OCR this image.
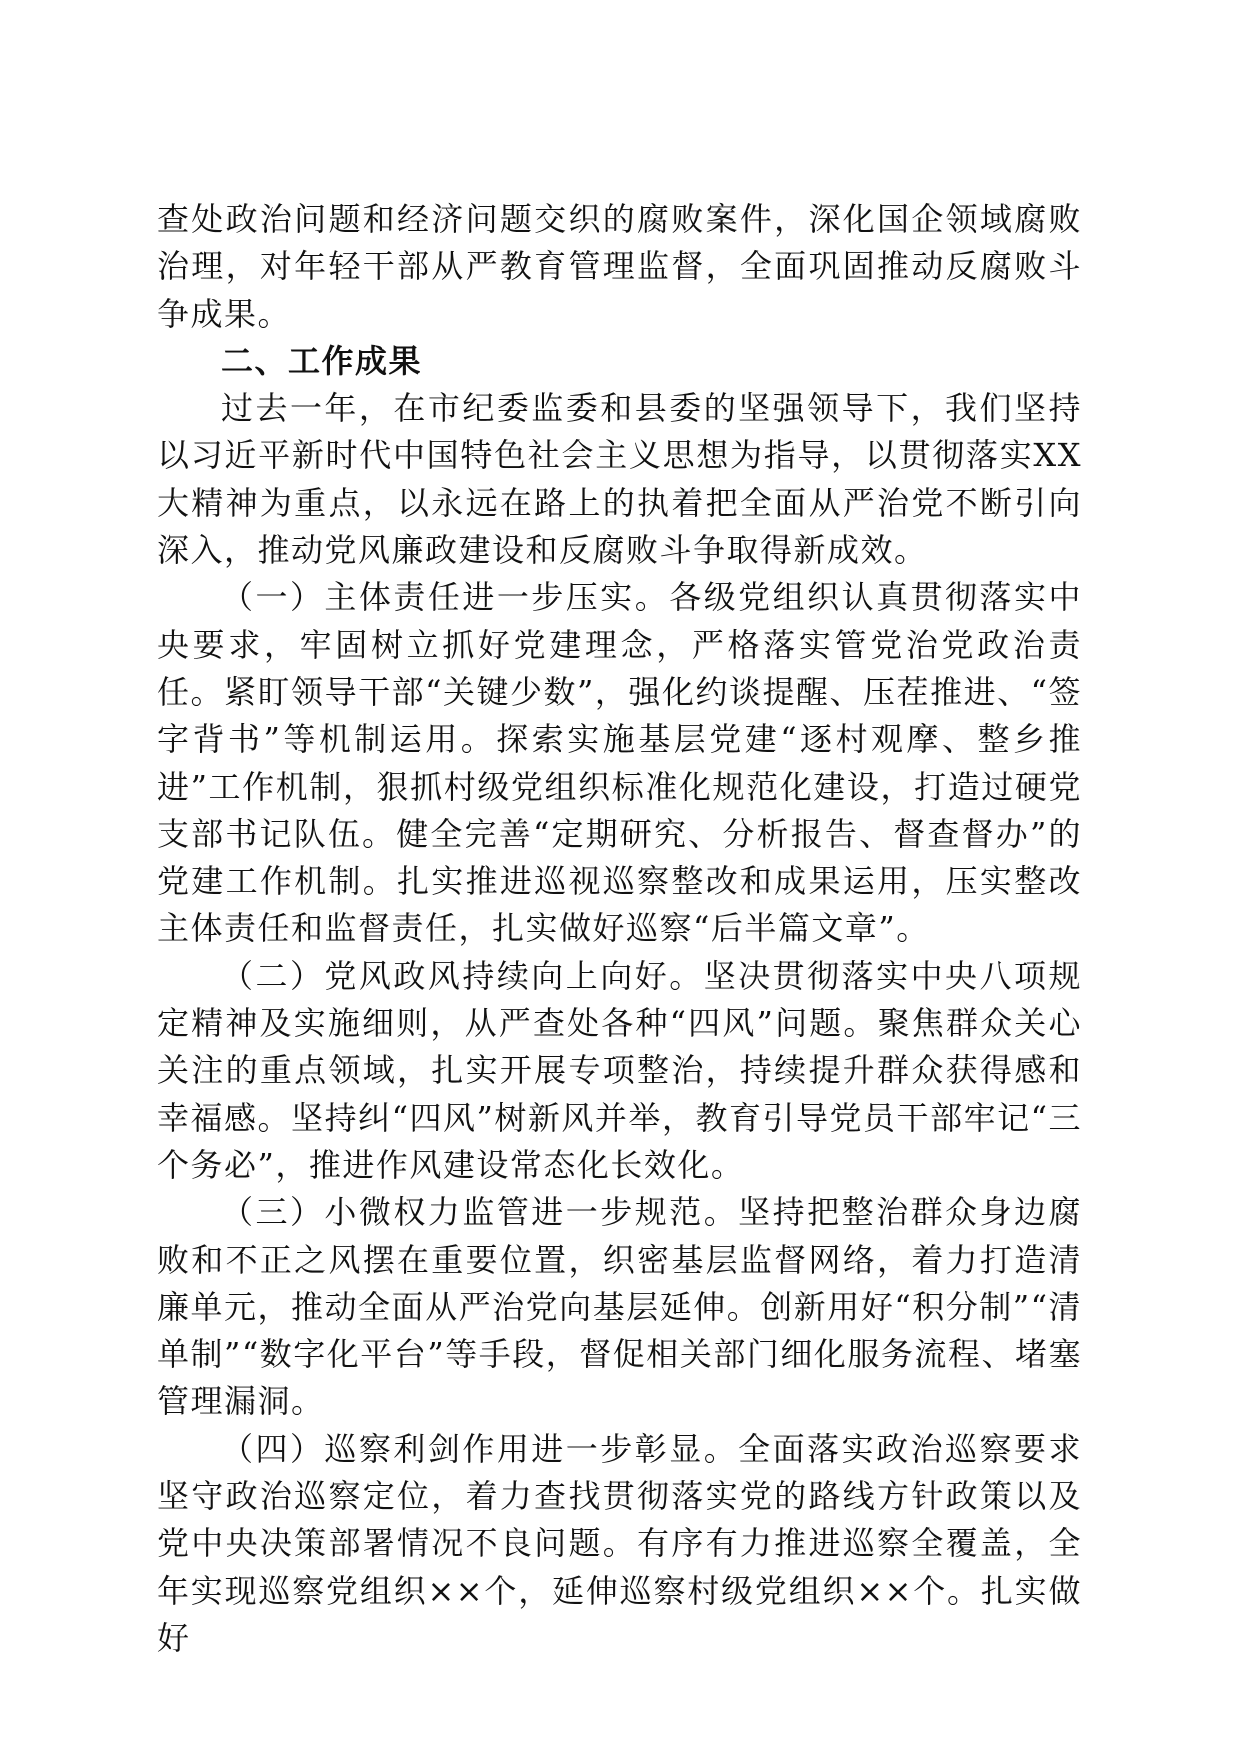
查处政治问题和经济问题交织的腐败案件，深化国企领域腐败治理，对年轻干部从严教育管理监督，全面巩固推动反腐败斗争成果。

二、工作成果

过去一年，在市纪委监委和县委的坚强领导下，我们坚持以习近平新时代中国特色社会主义思想为指导，以贯彻落实XX大精神为重点，以永远在路上的执着把全面从严治党不断引向深入，推动党风廉政建设和反腐败斗争取得新成效。

（一）主体责任进一步压实。各级党组织认真贯彻落实中央要求，牢固树立抓好党建理念，严格落实管党治党政治责任。紧盯领导干部“关键少数”，强化约谈提醒、压茬推进、“签字背书”等机制运用。探索实施基层党建“逐村观摩、整乡推进”工作机制，狠抓村级党组织标准化规范化建设，打造过硬党支部书记队伍。健全完善“定期研究、分析报告、督查督办”的党建工作机制。扎实推进巡视巡察整改和成果运用，压实整改主体责任和监督责任，扎实做好巡察“后半篇文章”。

（二）党风政风持续向上向好。坚决贯彻落实中央八项规定精神及实施细则，从严查处各种“四风”问题。聚焦群众关心关注的重点领域，扎实开展专项整治，持续提升群众获得感和幸福感。坚持纠“四风”树新风并举，教育引导党员干部牢记“三个务必”，推进作风建设常态化长效化。

（三）小微权力监管进一步规范。坚持把整治群众身边腐败和不正之风摆在重要位置，织密基层监督网络，着力打造清廉单元，推动全面从严治党向基层延伸。创新用好“积分制”“清单制”“数字化平台”等手段，督促相关部门细化服务流程、堵塞管理漏洞。

（四）巡察利剑作用进一步彰显。全面落实政治巡察要求坚守政治巡察定位，着力查找贯彻落实党的路线方针政策以及党中央决策部署情况不良问题。有序有力推进巡察全覆盖，全年实现巡察党组织××个，延伸巡察村级党组织××个。扎实做好
